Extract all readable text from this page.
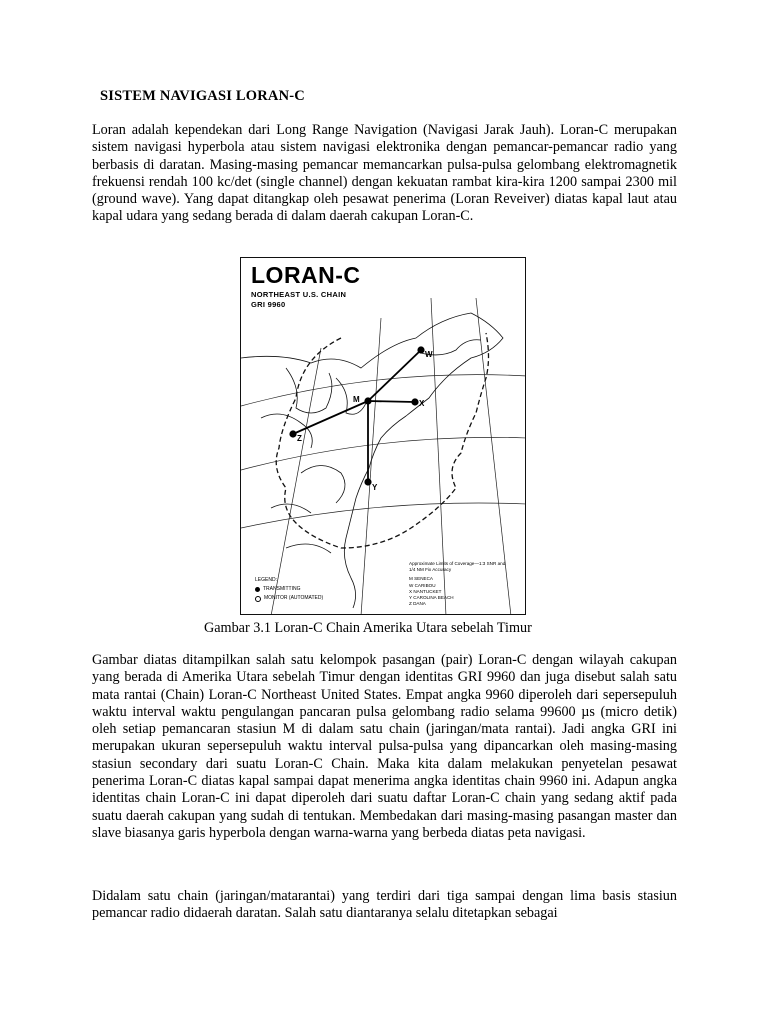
SISTEM NAVIGASI LORAN-C

Loran adalah kependekan dari Long Range Navigation (Navigasi Jarak Jauh). Loran-C merupakan sistem navigasi hyperbola atau sistem navigasi elektronika dengan pemancar-pemancar radio yang berbasis di daratan. Masing-masing pemancar memancarkan pulsa-pulsa gelombang elektromagnetik frekuensi rendah 100 kc/det (single channel) dengan kekuatan rambat kira-kira 1200 sampai 2300 mil (ground wave). Yang dapat ditangkap oleh pesawat penerima (Loran Reveiver) diatas kapal laut atau kapal udara yang sedang berada di dalam daerah cakupan Loran-C.

W
M	X
Z
Y
LORAN-C
NORTHEAST U.S. CHAIN
GRI 9960
Approximate Limits of Coverage—1:3 SNR and
1/4 NM Fix Accuracy
M SENECA
W CARIBOU
X NANTUCKET
Y CAROLINA BEACH
Z DANA
LEGEND:
TRANSMITTING
MONITOR (AUTOMATED)
Gambar 3.1 Loran-C Chain Amerika Utara sebelah Timur

Gambar diatas ditampilkan salah satu kelompok pasangan (pair) Loran-C dengan wilayah cakupan yang berada di Amerika Utara sebelah Timur dengan identitas GRI 9960 dan juga disebut salah satu mata rantai (Chain) Loran-C Northeast United States. Empat angka 9960 diperoleh dari sepersepuluh waktu interval waktu pengulangan pancaran pulsa gelombang radio selama 99600 µs (micro detik) oleh setiap pemancaran stasiun M di dalam satu chain (jaringan/mata rantai). Jadi angka GRI ini merupakan ukuran sepersepuluh waktu interval pulsa-pulsa yang dipancarkan oleh masing-masing stasiun secondary dari suatu Loran-C Chain. Maka kita dalam melakukan penyetelan pesawat penerima Loran-C diatas kapal sampai dapat menerima angka identitas chain 9960 ini. Adapun angka identitas chain Loran-C ini dapat diperoleh dari suatu daftar Loran-C chain yang sedang aktif pada suatu daerah cakupan yang sudah di tentukan. Membedakan dari masing-masing pasangan master dan slave biasanya garis hyperbola dengan warna-warna yang berbeda diatas peta navigasi.

Didalam satu chain (jaringan/matarantai) yang terdiri dari tiga sampai dengan lima basis stasiun pemancar radio didaerah daratan. Salah satu diantaranya selalu ditetapkan sebagai
